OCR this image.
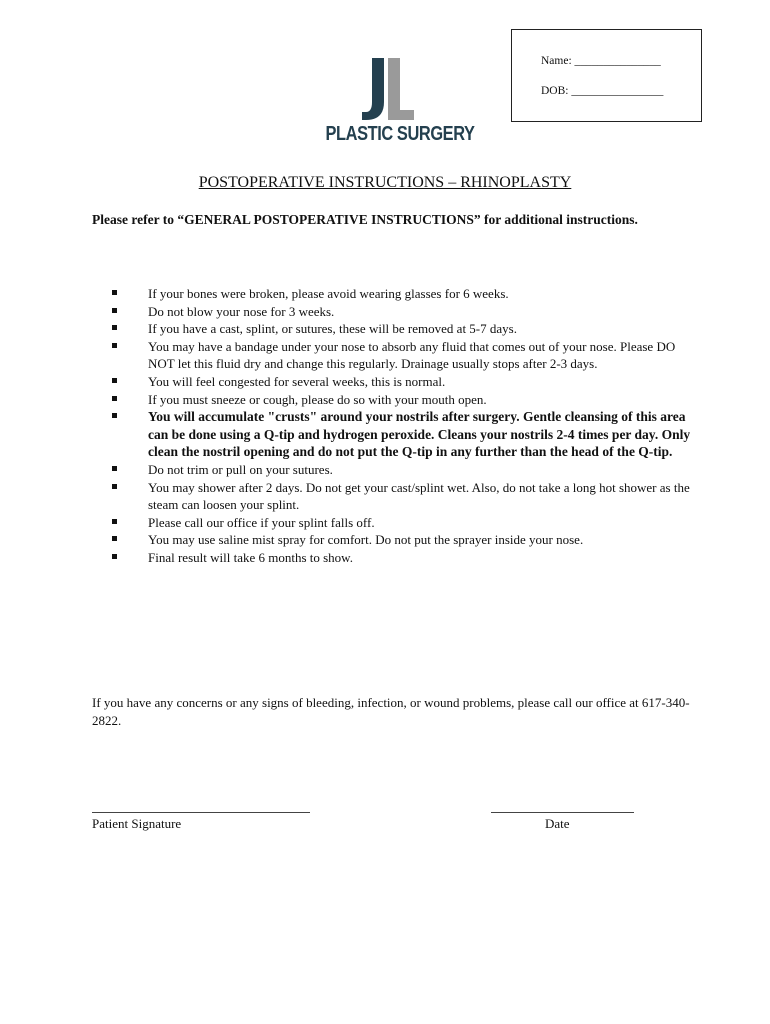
Name: _______________
DOB: ________________
PLASTIC SURGERY
POSTOPERATIVE INSTRUCTIONS – RHINOPLASTY

Please refer to “GENERAL POSTOPERATIVE INSTRUCTIONS” for additional instructions.

If your bones were broken, please avoid wearing glasses for 6 weeks.
Do not blow your nose for 3 weeks.
If you have a cast, splint, or sutures, these will be removed at 5-7 days.
You may have a bandage under your nose to absorb any fluid that comes out of your nose. Please DO NOT let this fluid dry and change this regularly. Drainage usually stops after 2-3 days.
You will feel congested for several weeks, this is normal.
If you must sneeze or cough, please do so with your mouth open.
You will accumulate "crusts" around your nostrils after surgery. Gentle cleansing of this area can be done using a Q-tip and hydrogen peroxide. Cleans your nostrils 2-4 times per day. Only clean the nostril opening and do not put the Q-tip in any further than the head of the Q-tip.
Do not trim or pull on your sutures.
You may shower after 2 days. Do not get your cast/splint wet. Also, do not take a long hot shower as the steam can loosen your splint.
Please call our office if your splint falls off.
You may use saline mist spray for comfort. Do not put the sprayer inside your nose.
Final result will take 6 months to show.

If you have any concerns or any signs of bleeding, infection, or wound problems, please call our office at 617-340-2822.

Patient Signature	Date
